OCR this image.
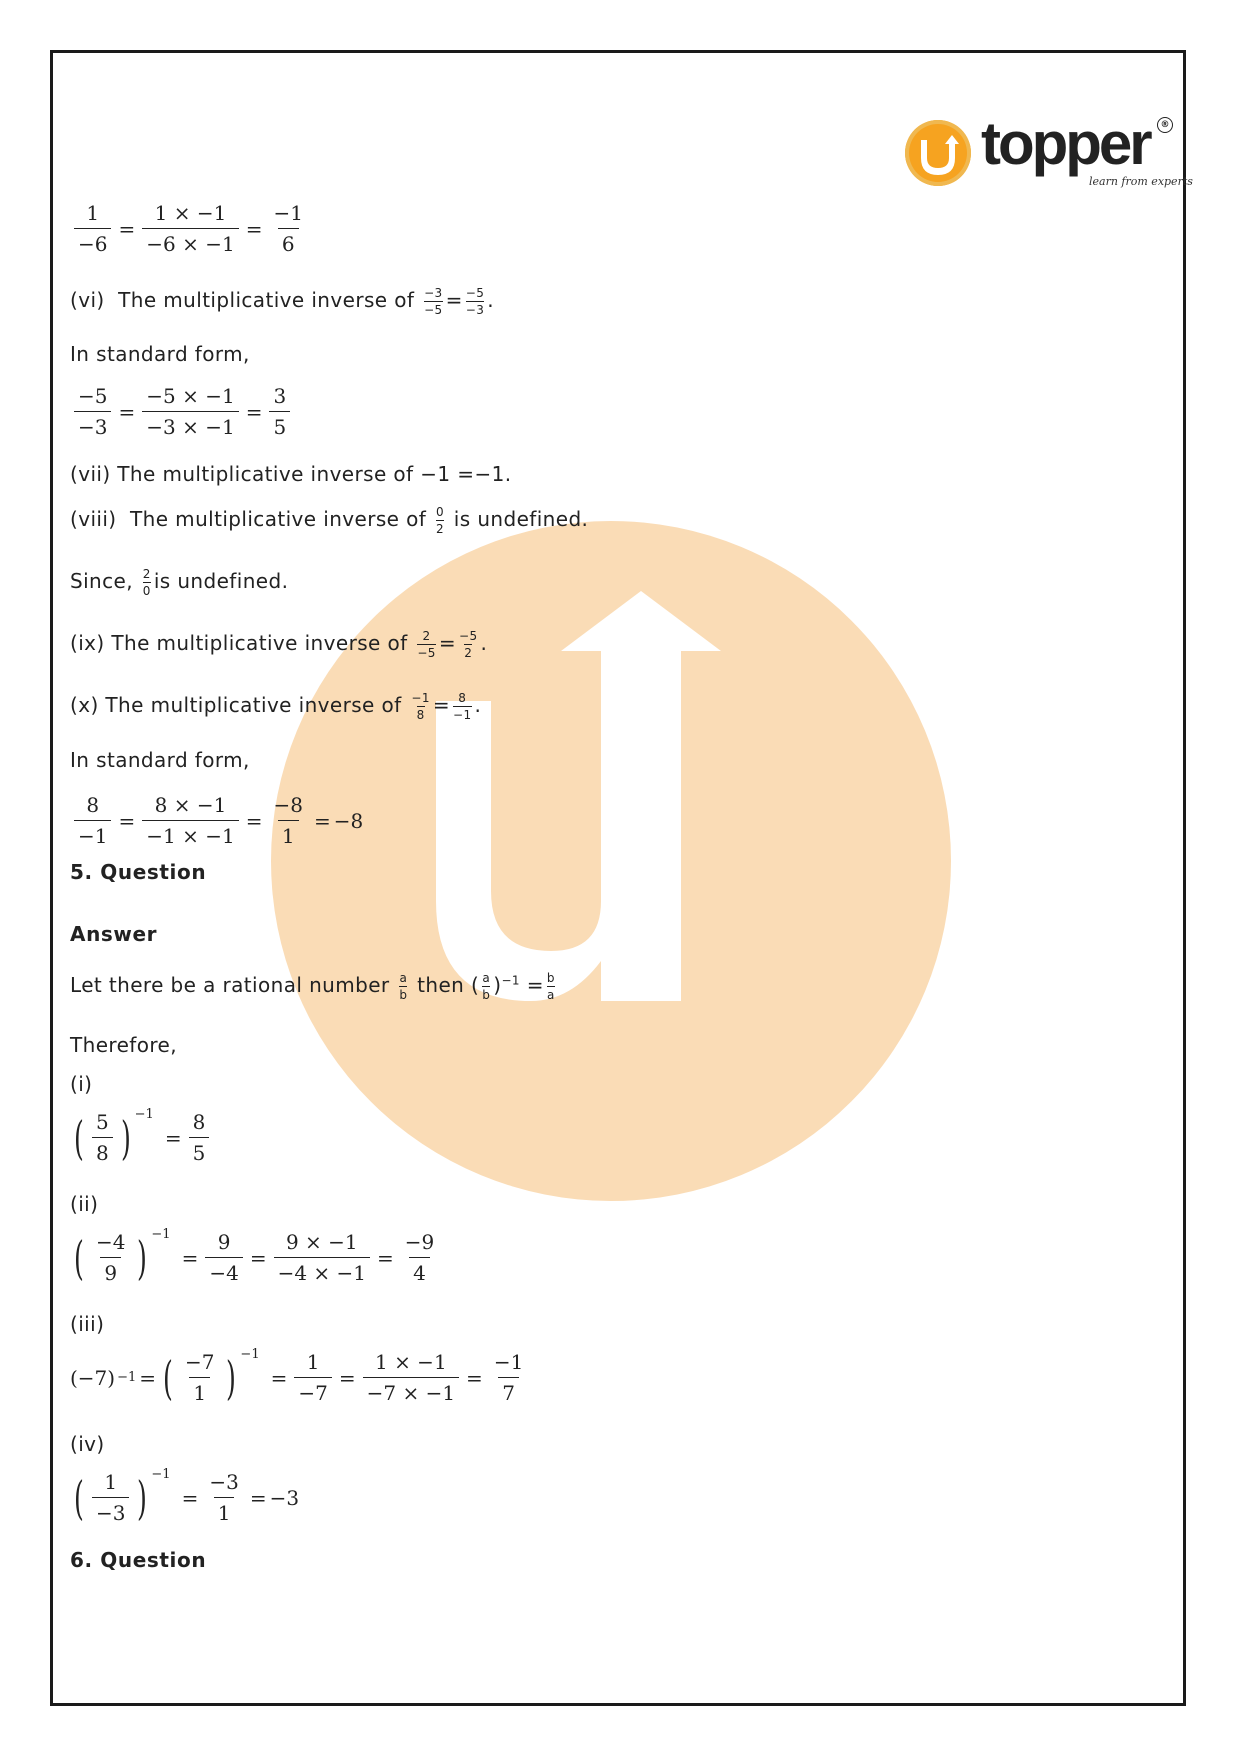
topper	®
learn from experts
$\frac{1}{-6} = \frac{1 \times -1}{-6 \times -1} = \frac{-1}{6}$
(vi) The multiplicative inverse of $\frac{-3}{-5} = \frac{-5}{-3}$ .
In standard form,
$\frac{-5}{-3} = \frac{-5 \times -1}{-3 \times -1} = \frac{3}{5}$
(vii) The multiplicative inverse of −1 =−1.
(viii) The multiplicative inverse of $\frac{0}{2}$ is undefined.
Since, $\frac{2}{0}$ is undefined.
(ix) The multiplicative inverse of $\frac{2}{-5} = \frac{-5}{2}$ .
(x) The multiplicative inverse of $\frac{-1}{8} = \frac{8}{-1}$ .
In standard form,
$\frac{8}{-1} = \frac{8 \times -1}{-1 \times -1} = \frac{-8}{1} = -8$
5. Question
Answer
Let there be a rational number $\frac{a}{b}$ then ( $\frac{a}{b} )^{-1} = \frac{b}{a}$
Therefore,
(i)
( $\frac{5}{8}$ ) −1
= $\frac{8}{5}$
(ii)
( $\frac{-4}{9}$ ) −1
= $\frac{9}{-4} = \frac{9 \times -1}{-4 \times -1} = \frac{-9}{4}$
(iii)
(−7) −1 = ( $\frac{-7}{1}$ ) −1
= $\frac{1}{-7} = \frac{1 \times -1}{-7 \times -1} = \frac{-1}{7}$
(iv)
( $\frac{1}{-3}$ ) −1
= $\frac{-3}{1} = -3$
6. Question
